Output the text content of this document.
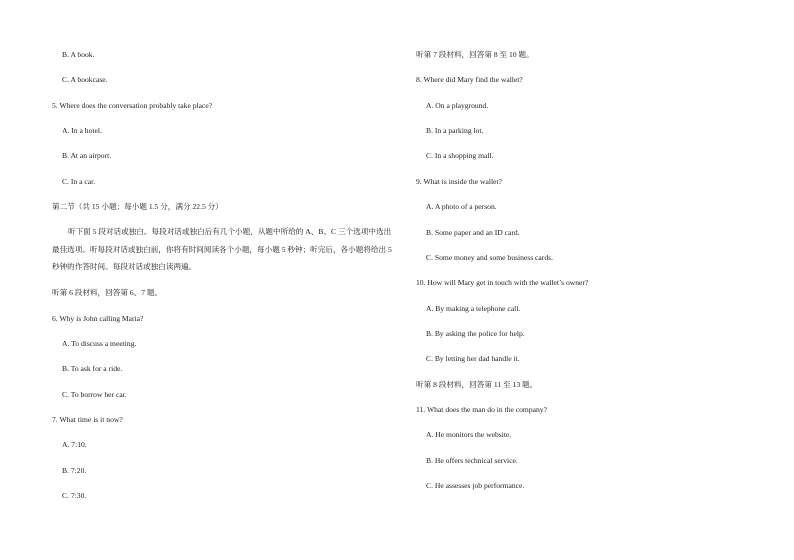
B. A book.
C. A bookcase.
5. Where does the conversation probably take place?
A. In a hotel.
B. At an airport.
C. In a car.
第二节（共 15 小题；每小题 1.5 分，满分 22.5 分）
听下面 5 段对话或独白。每段对话或独白后有几个小题，从题中所给的 A、B、C 三个选项中选出最佳选项。听每段对话或独白前，你将有时间阅读各个小题，每小题 5 秒钟；听完后，各小题将给出 5 秒钟的作答时间。每段对话或独白读两遍。
听第 6 段材料，回答第 6、7 题。
6. Why is John calling Maria?
A. To discuss a meeting.
B. To ask for a ride.
C. To borrow her car.
7. What time is it now?
A. 7:10.
B. 7:20.
C. 7:30.
听第 7 段材料，回答第 8 至 10 题。
8. Where did Mary find the wallet?
A. On a playground.
B. In a parking lot.
C. In a shopping mall.
9. What is inside the wallet?
A. A photo of a person.
B. Some paper and an ID card.
C. Some money and some business cards.
10. How will Mary get in touch with the wallet’s owner?
A. By making a telephone call.
B. By asking the police for help.
C. By letting her dad handle it.
听第 8 段材料，回答第 11 至 13 题。
11. What does the man do in the company?
A. He monitors the website.
B. He offers technical service.
C. He assesses job performance.
